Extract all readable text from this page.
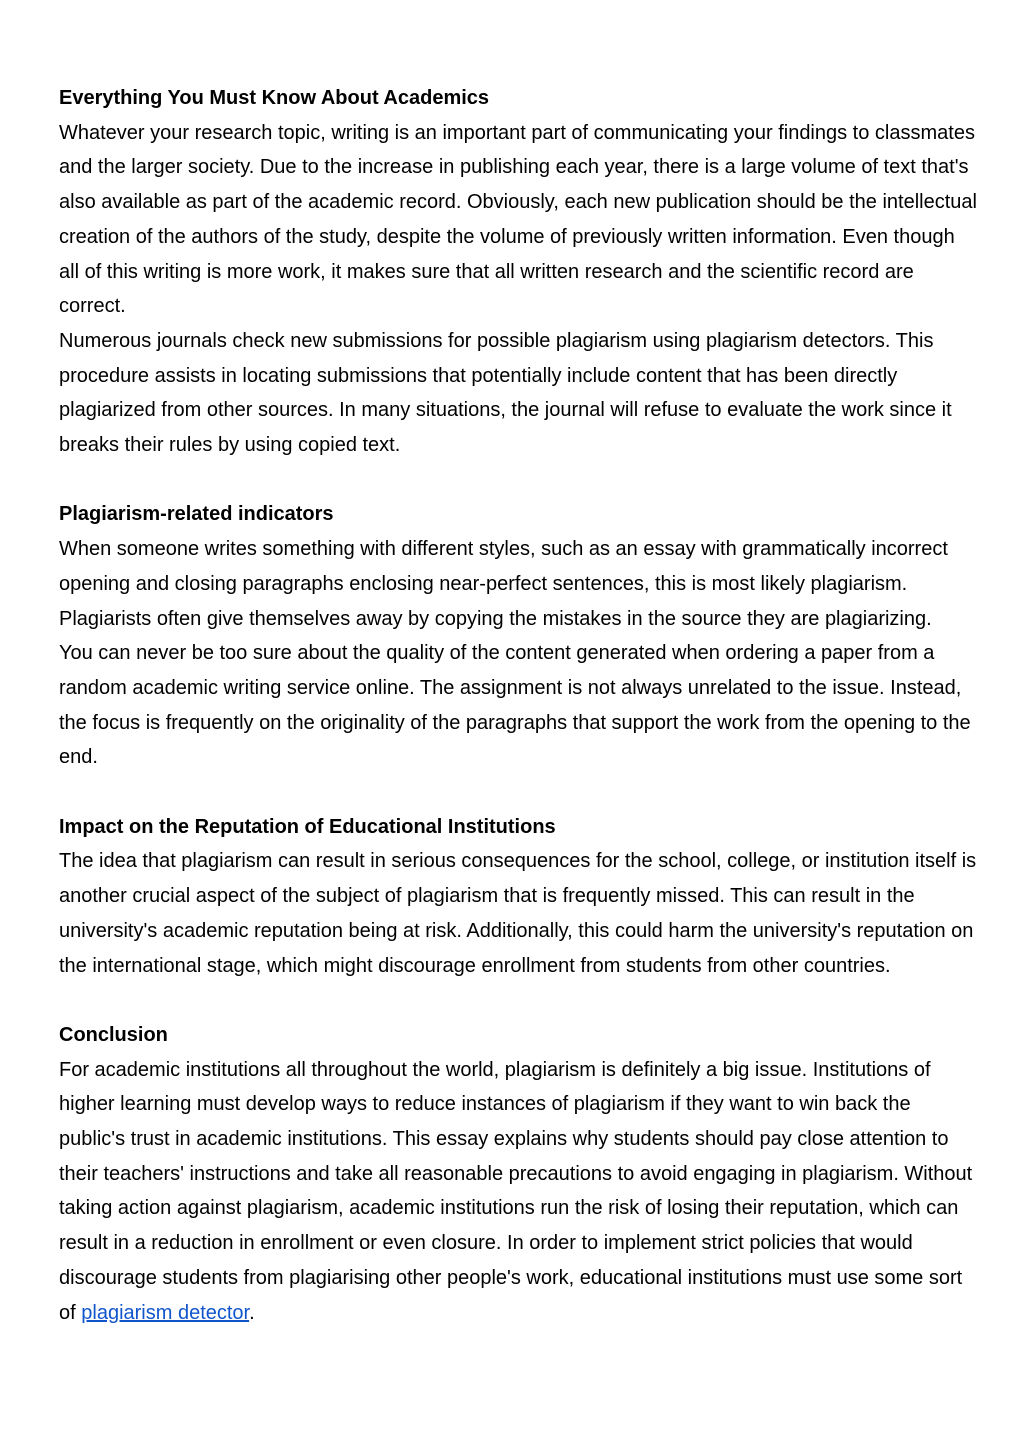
Everything You Must Know About Academics

Whatever your research topic, writing is an important part of communicating your findings to classmates and the larger society. Due to the increase in publishing each year, there is a large volume of text that's also available as part of the academic record. Obviously, each new publication should be the intellectual creation of the authors of the study, despite the volume of previously written information. Even though all of this writing is more work, it makes sure that all written research and the scientific record are correct.

Numerous journals check new submissions for possible plagiarism using plagiarism detectors. This procedure assists in locating submissions that potentially include content that has been directly plagiarized from other sources. In many situations, the journal will refuse to evaluate the work since it breaks their rules by using copied text.

Plagiarism-related indicators

When someone writes something with different styles, such as an essay with grammatically incorrect opening and closing paragraphs enclosing near-perfect sentences, this is most likely plagiarism. Plagiarists often give themselves away by copying the mistakes in the source they are plagiarizing.

You can never be too sure about the quality of the content generated when ordering a paper from a random academic writing service online. The assignment is not always unrelated to the issue. Instead, the focus is frequently on the originality of the paragraphs that support the work from the opening to the end.

Impact on the Reputation of Educational Institutions

The idea that plagiarism can result in serious consequences for the school, college, or institution itself is another crucial aspect of the subject of plagiarism that is frequently missed. This can result in the university's academic reputation being at risk. Additionally, this could harm the university's reputation on the international stage, which might discourage enrollment from students from other countries.

Conclusion

For academic institutions all throughout the world, plagiarism is definitely a big issue. Institutions of higher learning must develop ways to reduce instances of plagiarism if they want to win back the public's trust in academic institutions. This essay explains why students should pay close attention to their teachers' instructions and take all reasonable precautions to avoid engaging in plagiarism. Without taking action against plagiarism, academic institutions run the risk of losing their reputation, which can result in a reduction in enrollment or even closure. In order to implement strict policies that would discourage students from plagiarising other people's work, educational institutions must use some sort of plagiarism detector.
